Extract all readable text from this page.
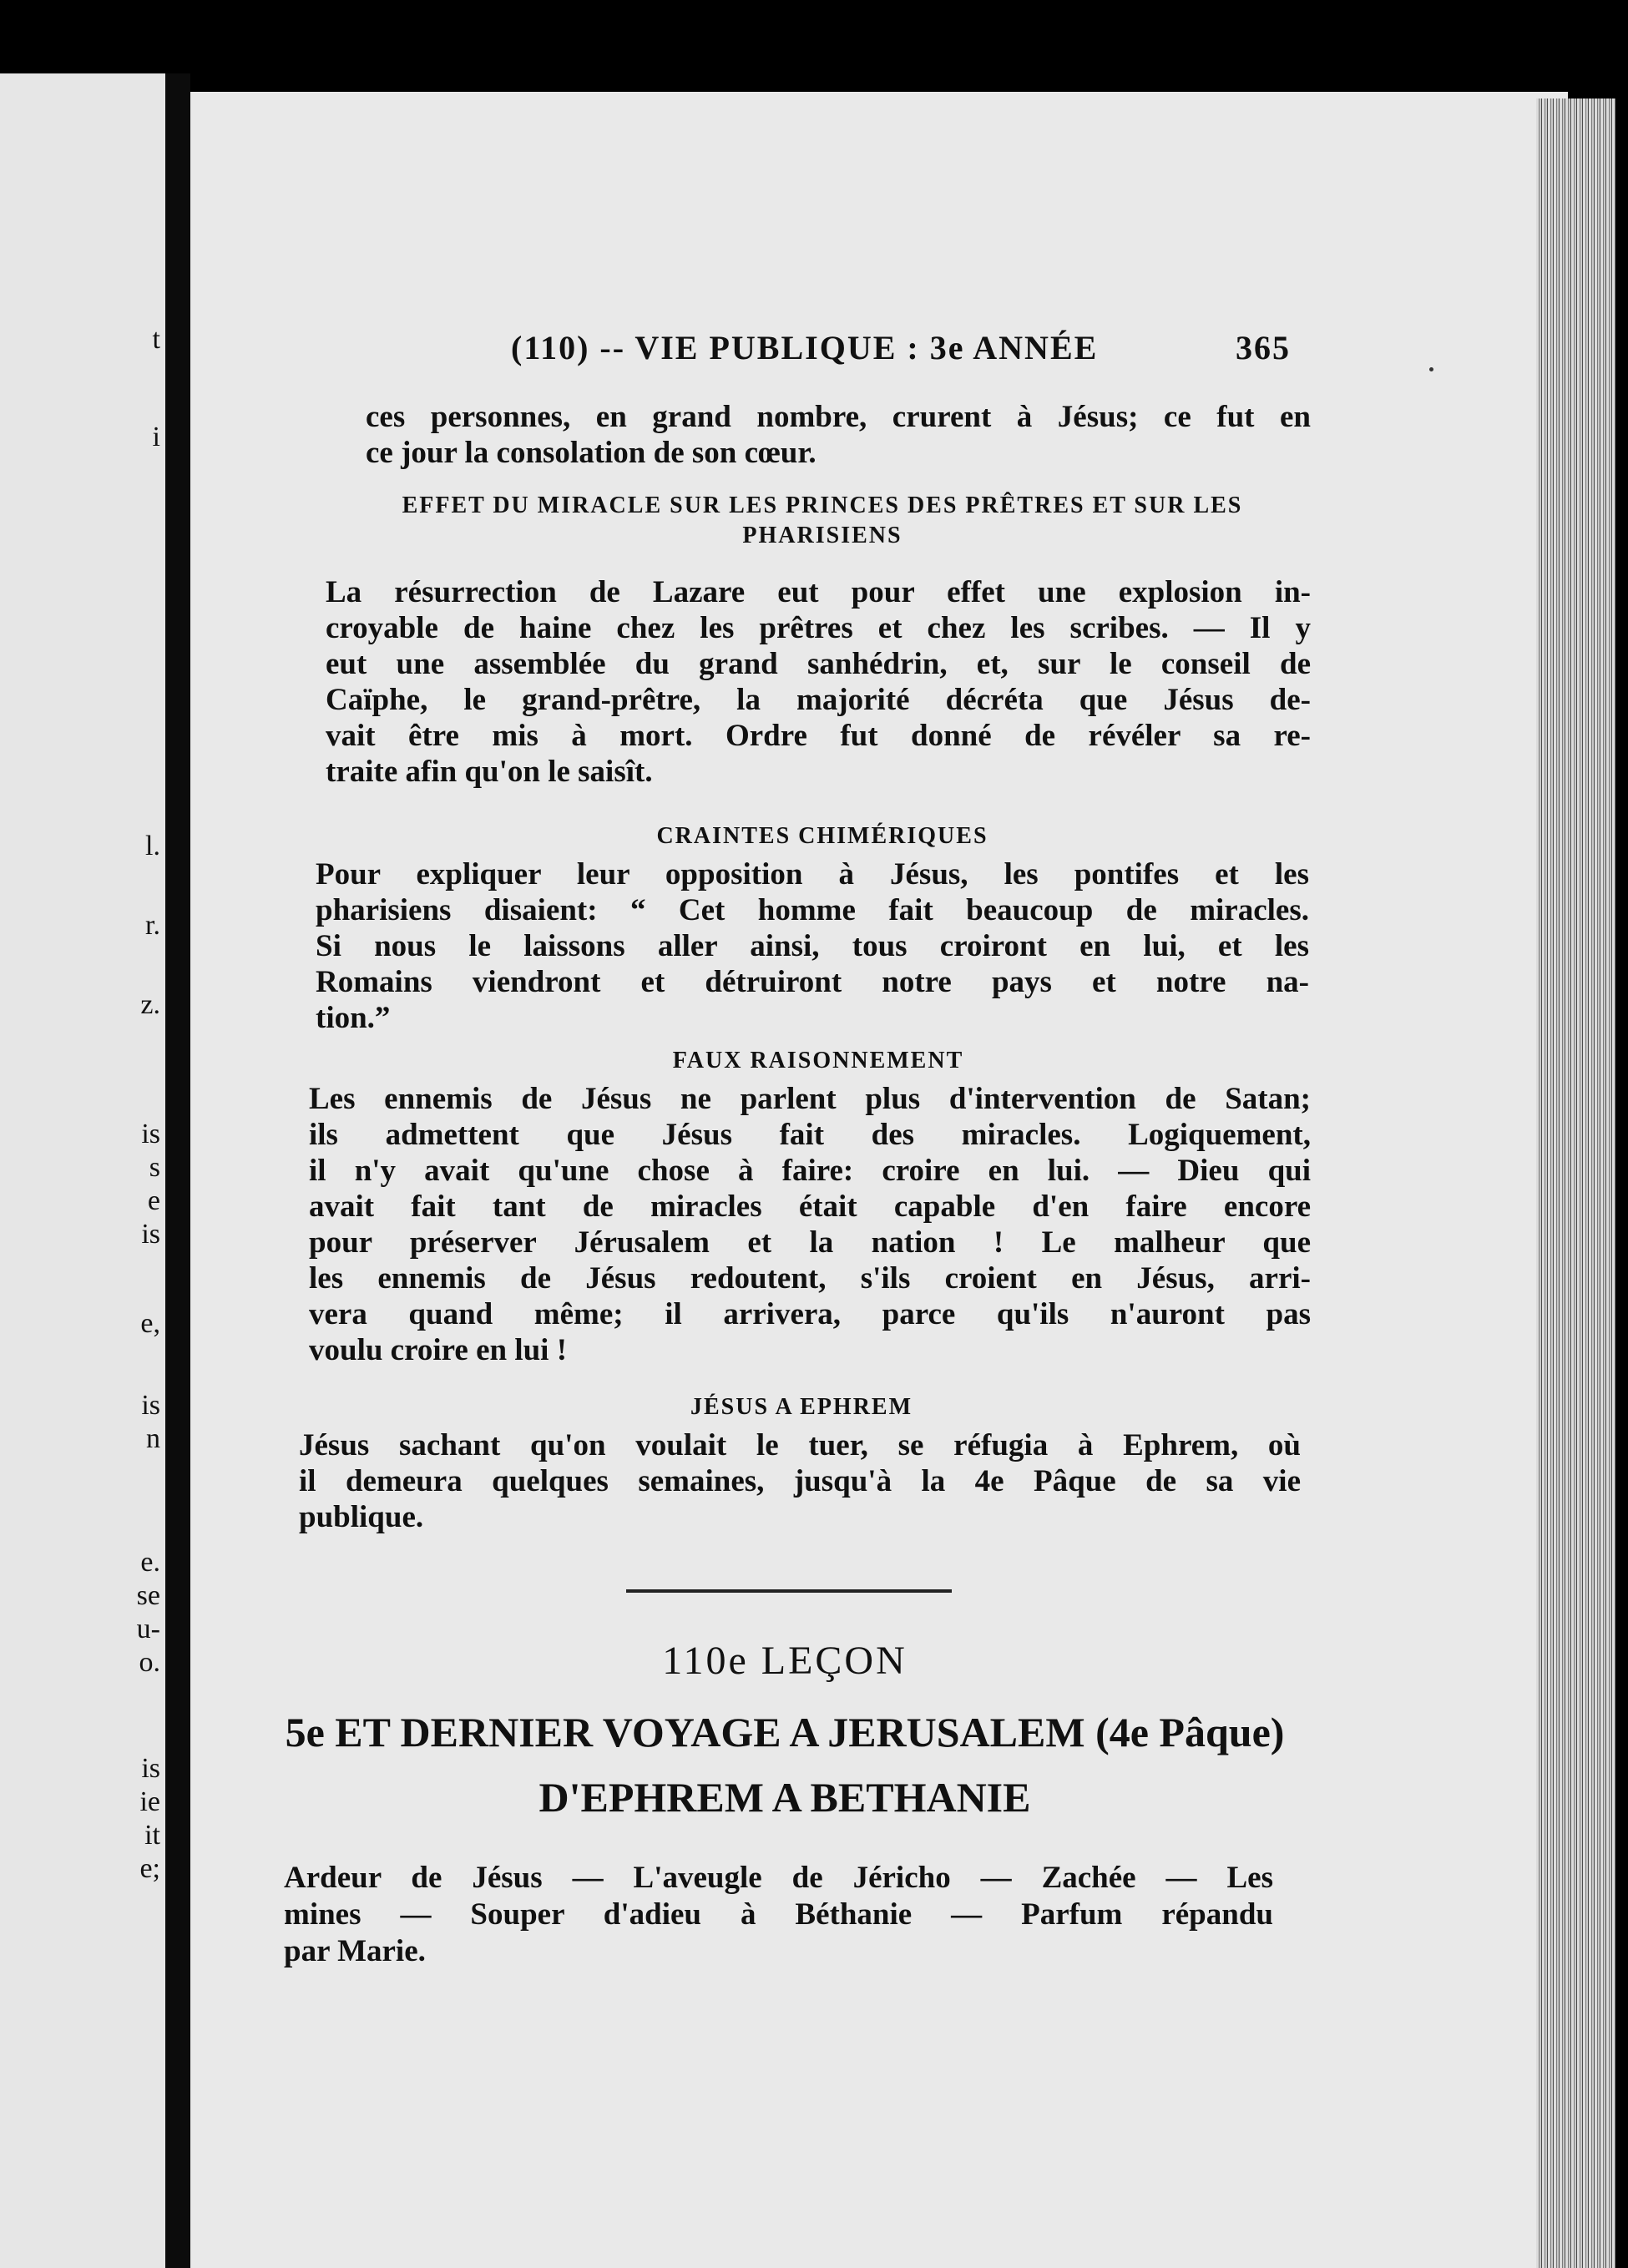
t
i
l.
r.
z.
is
s
e
is
e,
is
n
e.
se
u-
o.
is
ie
it
e;
(110) -- VIE PUBLIQUE : 3e ANNÉE	365
ces personnes, en grand nombre, crurent à Jésus; ce fut en
ce jour la consolation de son cœur.
EFFET DU MIRACLE SUR LES PRINCES DES PRÊTRES ET SUR LES PHARISIENS
La résurrection de Lazare eut pour effet une explosion in-
croyable de haine chez les prêtres et chez les scribes. — Il y
eut une assemblée du grand sanhédrin, et, sur le conseil de
Caïphe, le grand-prêtre, la majorité décréta que Jésus de-
vait être mis à mort. Ordre fut donné de révéler sa re-
traite afin qu'on le saisît.
CRAINTES CHIMÉRIQUES
Pour expliquer leur opposition à Jésus, les pontifes et les
pharisiens disaient: “ Cet homme fait beaucoup de miracles.
Si nous le laissons aller ainsi, tous croiront en lui, et les
Romains viendront et détruiront notre pays et notre na-
tion.”
FAUX RAISONNEMENT
Les ennemis de Jésus ne parlent plus d'intervention de Satan;
ils admettent que Jésus fait des miracles. Logiquement,
il n'y avait qu'une chose à faire: croire en lui. — Dieu qui
avait fait tant de miracles était capable d'en faire encore
pour préserver Jérusalem et la nation ! Le malheur que
les ennemis de Jésus redoutent, s'ils croient en Jésus, arri-
vera quand même; il arrivera, parce qu'ils n'auront pas
voulu croire en lui !
JÉSUS A EPHREM
Jésus sachant qu'on voulait le tuer, se réfugia à Ephrem, où
il demeura quelques semaines, jusqu'à la 4e Pâque de sa vie
publique.
110e LEÇON
5e ET DERNIER VOYAGE A JERUSALEM (4e Pâque)
D'EPHREM A BETHANIE
Ardeur de Jésus — L'aveugle de Jéricho — Zachée — Les
mines — Souper d'adieu à Béthanie — Parfum répandu
par Marie.
